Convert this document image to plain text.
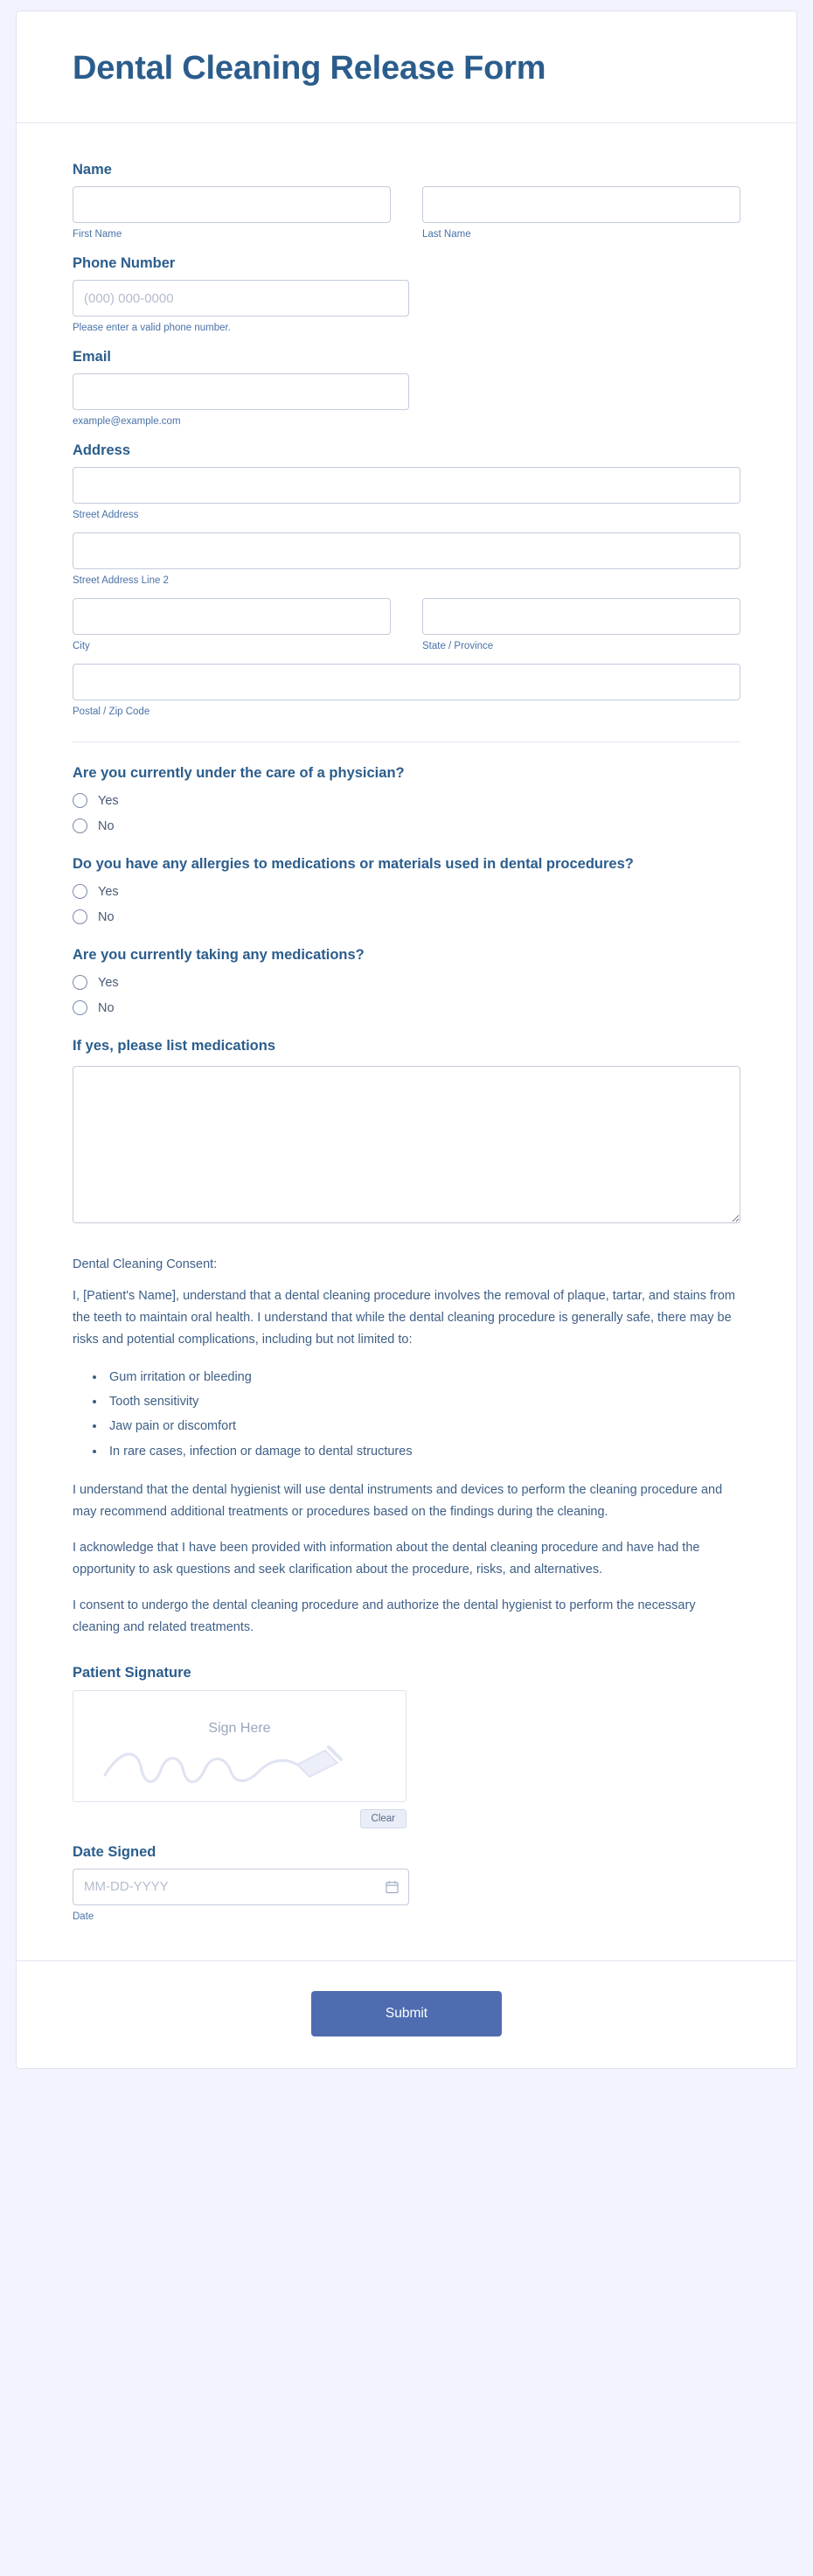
Dental Cleaning Release Form
Name
First Name	Last Name
Phone Number
(000) 000-0000
Please enter a valid phone number.
Email
example@example.com
Address
Street Address
Street Address Line 2
City	State / Province
Postal / Zip Code
Are you currently under the care of a physician?
Yes
No
Do you have any allergies to medications or materials used in dental procedures?
Yes
No
Are you currently taking any medications?
Yes
No
If yes, please list medications
Dental Cleaning Consent:

I, [Patient's Name], understand that a dental cleaning procedure involves the removal of plaque, tartar, and stains from the teeth to maintain oral health. I understand that while the dental cleaning procedure is generally safe, there may be risks and potential complications, including but not limited to:

• Gum irritation or bleeding
• Tooth sensitivity
• Jaw pain or discomfort
• In rare cases, infection or damage to dental structures

I understand that the dental hygienist will use dental instruments and devices to perform the cleaning procedure and may recommend additional treatments or procedures based on the findings during the cleaning.

I acknowledge that I have been provided with information about the dental cleaning procedure and have had the opportunity to ask questions and seek clarification about the procedure, risks, and alternatives.

I consent to undergo the dental cleaning procedure and authorize the dental hygienist to perform the necessary cleaning and related treatments.

Patient Signature
Sign Here
Clear
Date Signed
MM-DD-YYYY
Date
Submit
